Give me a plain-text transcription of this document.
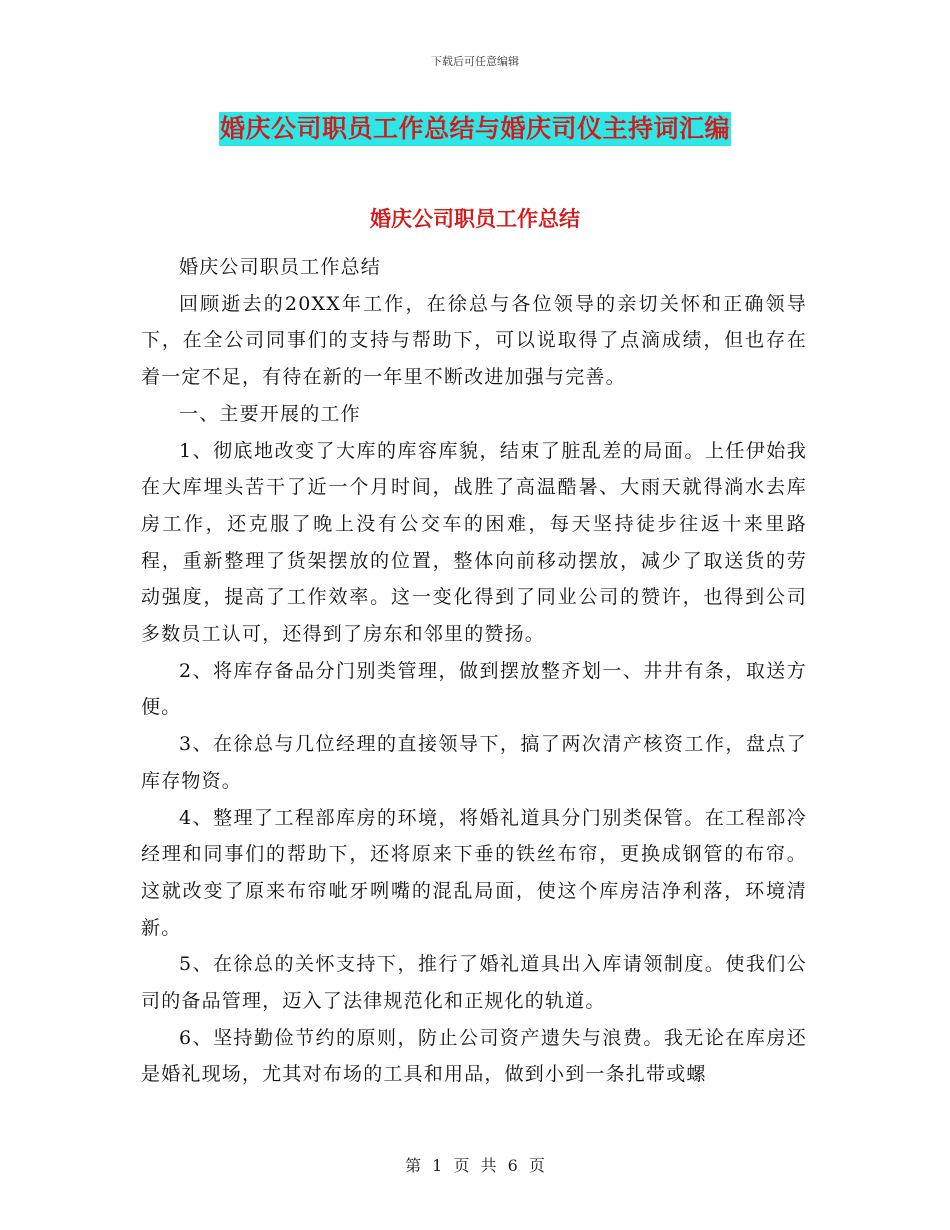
下载后可任意编辑
婚庆公司职员工作总结与婚庆司仪主持词汇编
婚庆公司职员工作总结

婚庆公司职员工作总结

回顾逝去的20XX年工作，在徐总与各位领导的亲切关怀和正确领导下，在全公司同事们的支持与帮助下，可以说取得了点滴成绩，但也存在着一定不足，有待在新的一年里不断改进加强与完善。

一、主要开展的工作

1、彻底地改变了大库的库容库貌，结束了脏乱差的局面。上任伊始我在大库埋头苦干了近一个月时间，战胜了高温酷暑、大雨天就得淌水去库房工作，还克服了晚上没有公交车的困难，每天坚持徒步往返十来里路程，重新整理了货架摆放的位置，整体向前移动摆放，减少了取送货的劳动强度，提高了工作效率。这一变化得到了同业公司的赞许，也得到公司多数员工认可，还得到了房东和邻里的赞扬。

2、将库存备品分门别类管理，做到摆放整齐划一、井井有条，取送方便。

3、在徐总与几位经理的直接领导下，搞了两次清产核资工作，盘点了库存物资。

4、整理了工程部库房的环境，将婚礼道具分门别类保管。在工程部冷经理和同事们的帮助下，还将原来下垂的铁丝布帘，更换成钢管的布帘。这就改变了原来布帘呲牙咧嘴的混乱局面，使这个库房洁净利落，环境清新。

5、在徐总的关怀支持下，推行了婚礼道具出入库请领制度。使我们公司的备品管理，迈入了法律规范化和正规化的轨道。

6、坚持勤俭节约的原则，防止公司资产遗失与浪费。我无论在库房还是婚礼现场，尤其对布场的工具和用品，做到小到一条扎带或螺

第 1 页 共 6 页
